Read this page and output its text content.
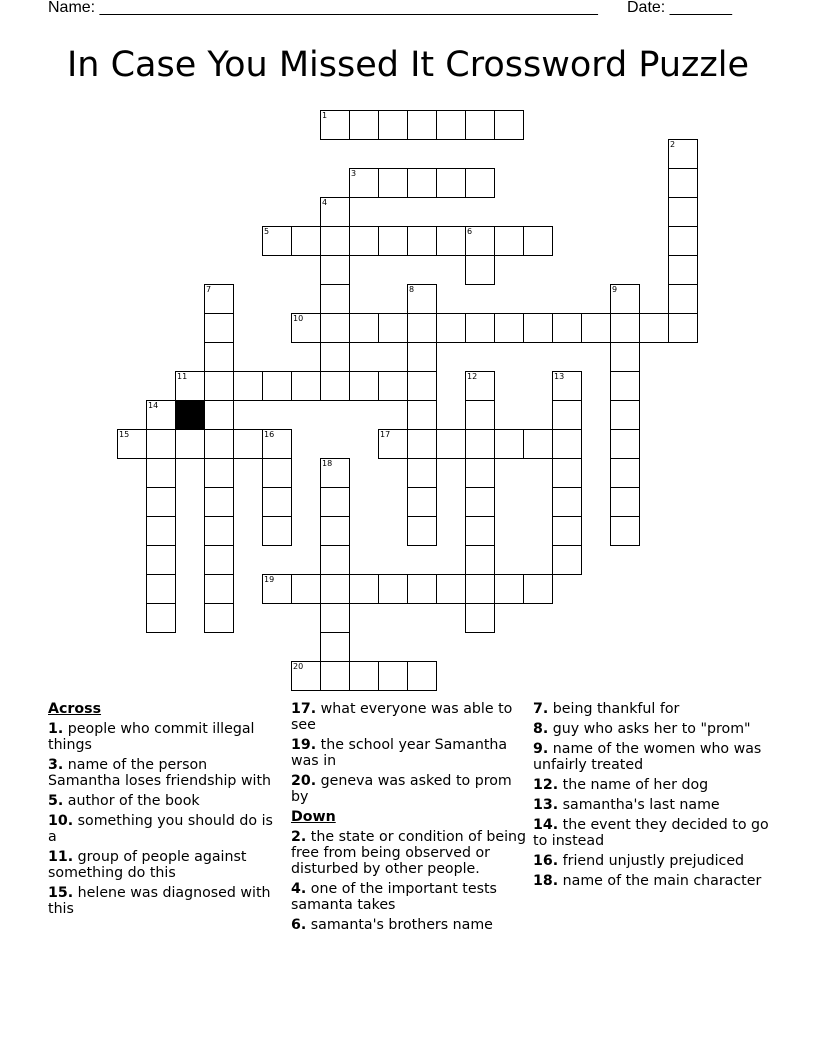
Name: ________________________________________________________ Date: _______
In Case You Missed It Crossword Puzzle
1
2
3
4
5	6
7	8	9
10
11	12	13
14
15	16	17
18
19
20
Across
1. people who commit illegal things
3. name of the person Samantha loses friendship with
5. author of the book
10. something you should do is a
11. group of people against something do this
15. helene was diagnosed with this
17. what everyone was able to see
19. the school year Samantha was in
20. geneva was asked to prom by
Down
2. the state or condition of being free from being observed or disturbed by other people.
4. one of the important tests samanta takes
6. samanta's brothers name
7. being thankful for
8. guy who asks her to "prom"
9. name of the women who was unfairly treated
12. the name of her dog
13. samantha's last name
14. the event they decided to go to instead
16. friend unjustly prejudiced
18. name of the main character
